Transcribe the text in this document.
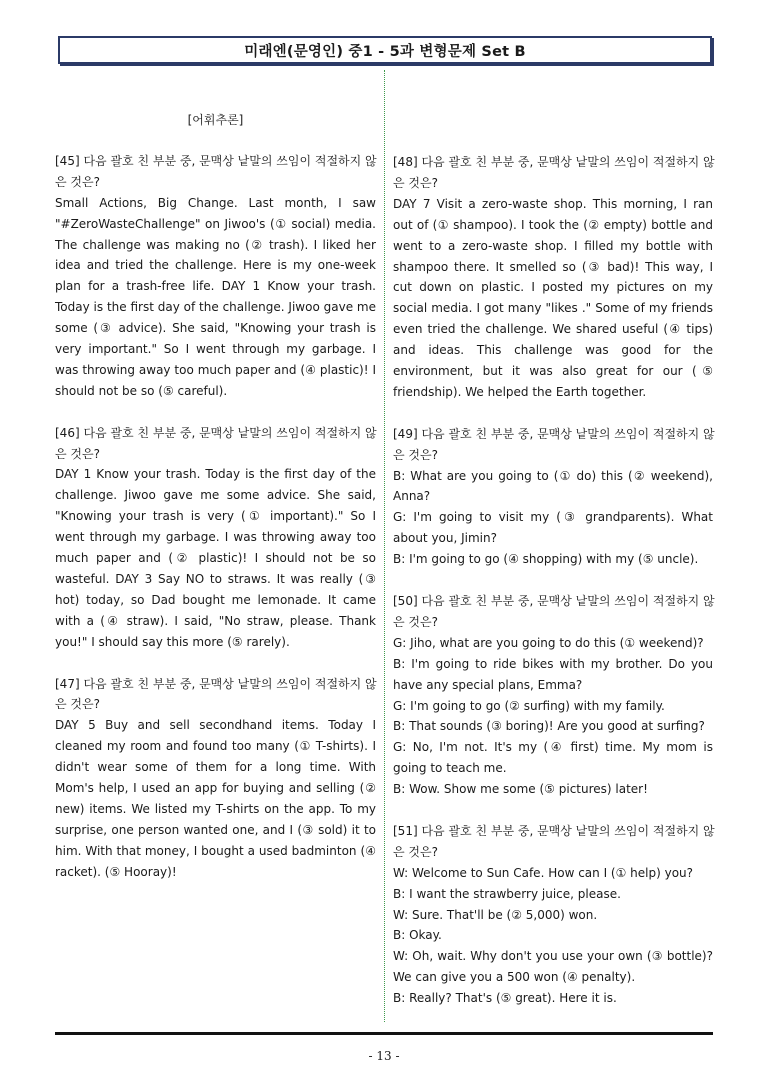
미래엔(문영인) 중1 - 5과 변형문제 Set B
[어휘추론]

[45] 다음 괄호 친 부분 중, 문맥상 낱말의 쓰임이 적절하지 않

은 것은?

Small Actions, Big Change. Last month, I saw "#ZeroWasteChallenge" on Jiwoo's (① social) media. The challenge was making no (② trash). I liked her idea and tried the challenge. Here is my one-week plan for a trash-free life. DAY 1 Know your trash. Today is the first day of the challenge. Jiwoo gave me some (③ advice). She said, "Knowing your trash is very important." So I went through my garbage. I was throwing away too much paper and (④ plastic)! I should not be so (⑤ careful).

[46] 다음 괄호 친 부분 중, 문맥상 낱말의 쓰임이 적절하지 않

은 것은?

DAY 1 Know your trash. Today is the first day of the challenge. Jiwoo gave me some advice. She said, "Knowing your trash is very (① important)." So I went through my garbage. I was throwing away too much paper and (② plastic)! I should not be so wasteful. DAY 3 Say NO to straws. It was really (③ hot) today, so Dad bought me lemonade. It came with a (④ straw). I said, "No straw, please. Thank you!" I should say this more (⑤ rarely).

[47] 다음 괄호 친 부분 중, 문맥상 낱말의 쓰임이 적절하지 않

은 것은?

DAY 5 Buy and sell secondhand items. Today I cleaned my room and found too many (① T-shirts). I didn't wear some of them for a long time. With Mom's help, I used an app for buying and selling (② new) items. We listed my T-shirts on the app. To my surprise, one person wanted one, and I (③ sold) it to him. With that money, I bought a used badminton (④ racket). (⑤ Hooray)!

[48] 다음 괄호 친 부분 중, 문맥상 낱말의 쓰임이 적절하지 않

은 것은?

DAY 7 Visit a zero-waste shop. This morning, I ran out of (① shampoo). I took the (② empty) bottle and went to a zero-waste shop. I filled my bottle with shampoo there. It smelled so (③ bad)! This way, I cut down on plastic. I posted my pictures on my social media. I got many "likes ." Some of my friends even tried the challenge. We shared useful (④ tips) and ideas. This challenge was good for the environment, but it was also great for our (⑤ friendship). We helped the Earth together.

[49] 다음 괄호 친 부분 중, 문맥상 낱말의 쓰임이 적절하지 않

은 것은?

B: What are you going to (① do) this (② weekend), Anna?

G: I'm going to visit my (③ grandparents). What about you, Jimin?

B: I'm going to go (④ shopping) with my (⑤ uncle).

[50] 다음 괄호 친 부분 중, 문맥상 낱말의 쓰임이 적절하지 않

은 것은?

G: Jiho, what are you going to do this (① weekend)?

B: I'm going to ride bikes with my brother. Do you have any special plans, Emma?

G: I'm going to go (② surfing) with my family.

B: That sounds (③ boring)! Are you good at surfing?

G: No, I'm not. It's my (④ first) time. My mom is going to teach me.

B: Wow. Show me some (⑤ pictures) later!

[51] 다음 괄호 친 부분 중, 문맥상 낱말의 쓰임이 적절하지 않

은 것은?

W: Welcome to Sun Cafe. How can I (① help) you?

B: I want the strawberry juice, please.

W: Sure. That'll be (② 5,000) won.

B: Okay.

W: Oh, wait. Why don't you use your own (③ bottle)? We can give you a 500 won (④ penalty).

B: Really? That's (⑤ great). Here it is.

- 13 -
